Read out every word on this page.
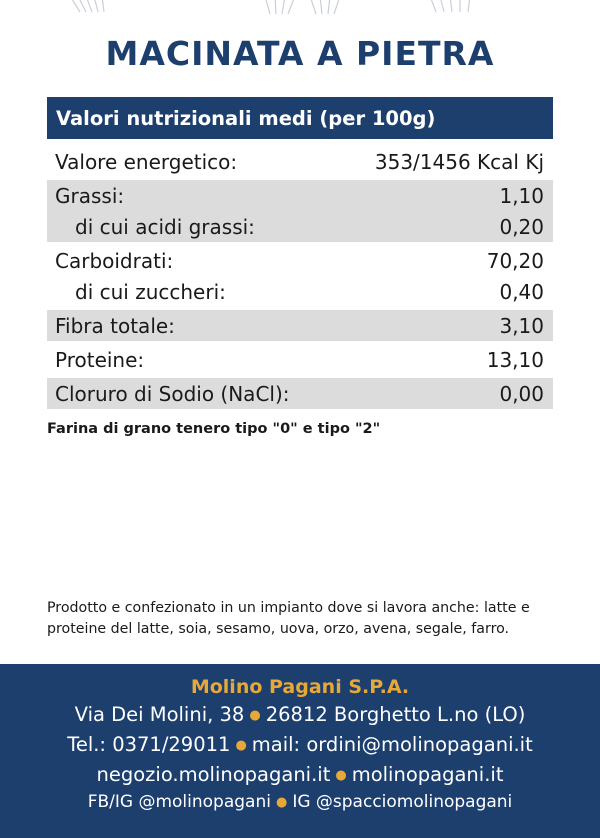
MACINATA A PIETRA
Valori nutrizionali medi (per 100g)
Valore energetico:	353/1456 Kcal Kj
Grassi:	1,10
di cui acidi grassi:	0,20
Carboidrati:	70,20
di cui zuccheri:	0,40
Fibra totale:	3,10
Proteine:	13,10
Cloruro di Sodio (NaCl):	0,00
Farina di grano tenero tipo "0" e tipo "2"
Prodotto e confezionato in un impianto dove si lavora anche: latte e proteine del latte, soia, sesamo, uova, orzo, avena, segale, farro.
Molino Pagani S.P.A.
Via Dei Molini, 38 ● 26812 Borghetto L.no (LO)
Tel.: 0371/29011 ● mail: ordini@molinopagani.it
negozio.molinopagani.it ● molinopagani.it
FB/IG @molinopagani ● IG @spacciomolinopagani
